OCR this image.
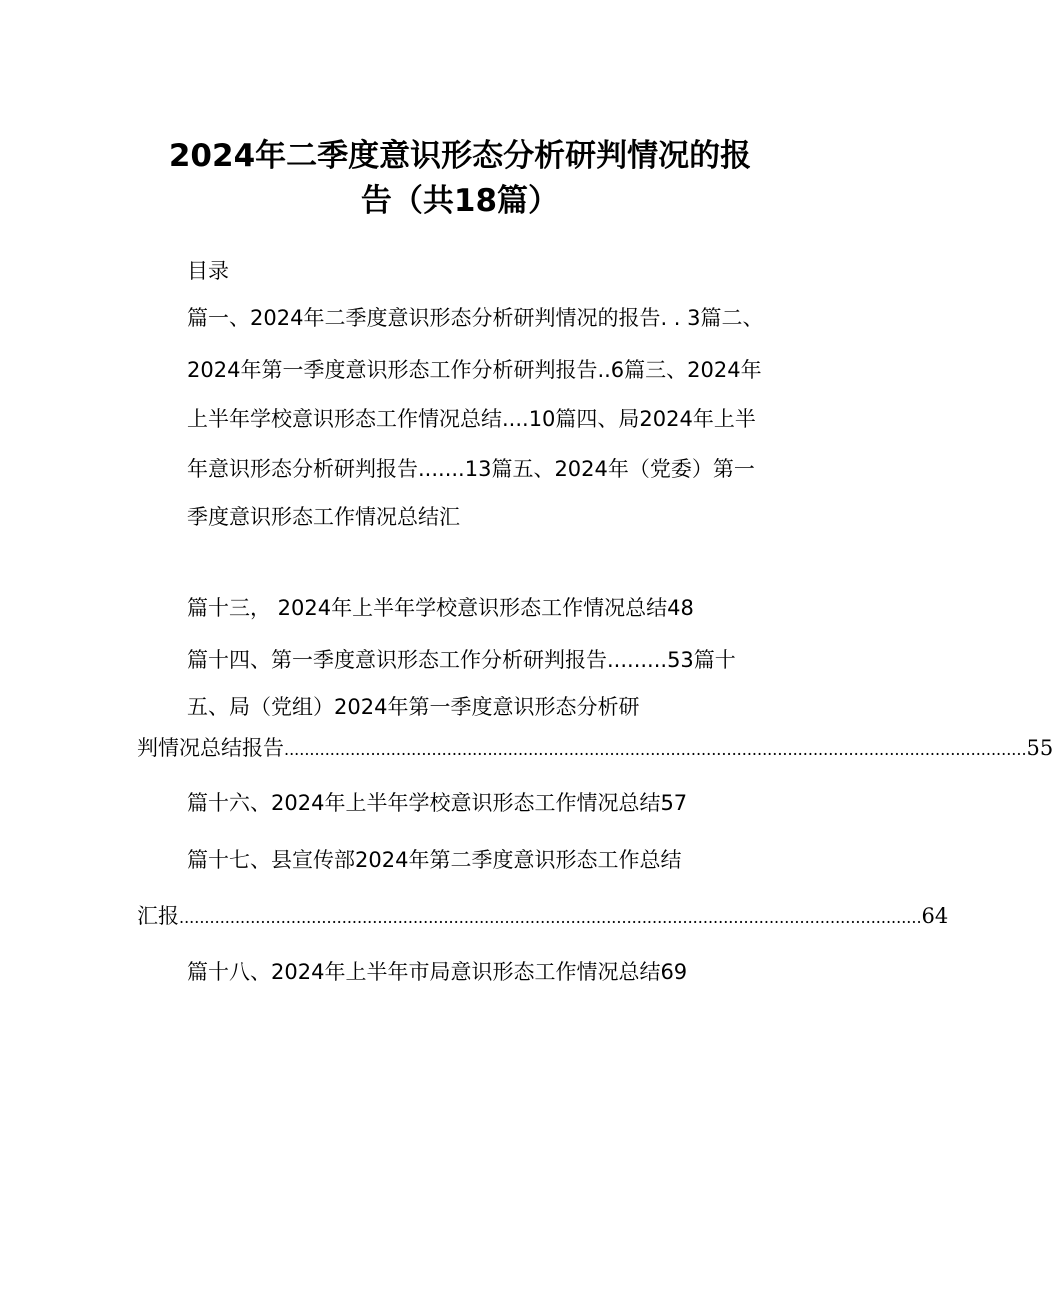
2024年二季度意识形态分析研判情况的报
告（共18篇）
目录
篇一、2024年二季度意识形态分析研判情况的报告. . 3篇二、
2024年第一季度意识形态工作分析研判报告..6篇三、2024年
上半年学校意识形态工作情况总结....10篇四、局2024年上半
年意识形态分析研判报告.......13篇五、2024年（党委）第一
季度意识形态工作情况总结汇
篇十三， 2024年上半年学校意识形态工作情况总结48
篇十四、第一季度意识形态工作分析研判报告.........53篇十
五、局（党组）2024年第一季度意识形态分析研
判情况总结报告 .................................................................................................................................................. 55
篇十六、2024年上半年学校意识形态工作情况总结57
篇十七、县宣传部2024年第二季度意识形态工作总结
汇报 .................................................................................................................................................. 64
篇十八、2024年上半年市局意识形态工作情况总结69
